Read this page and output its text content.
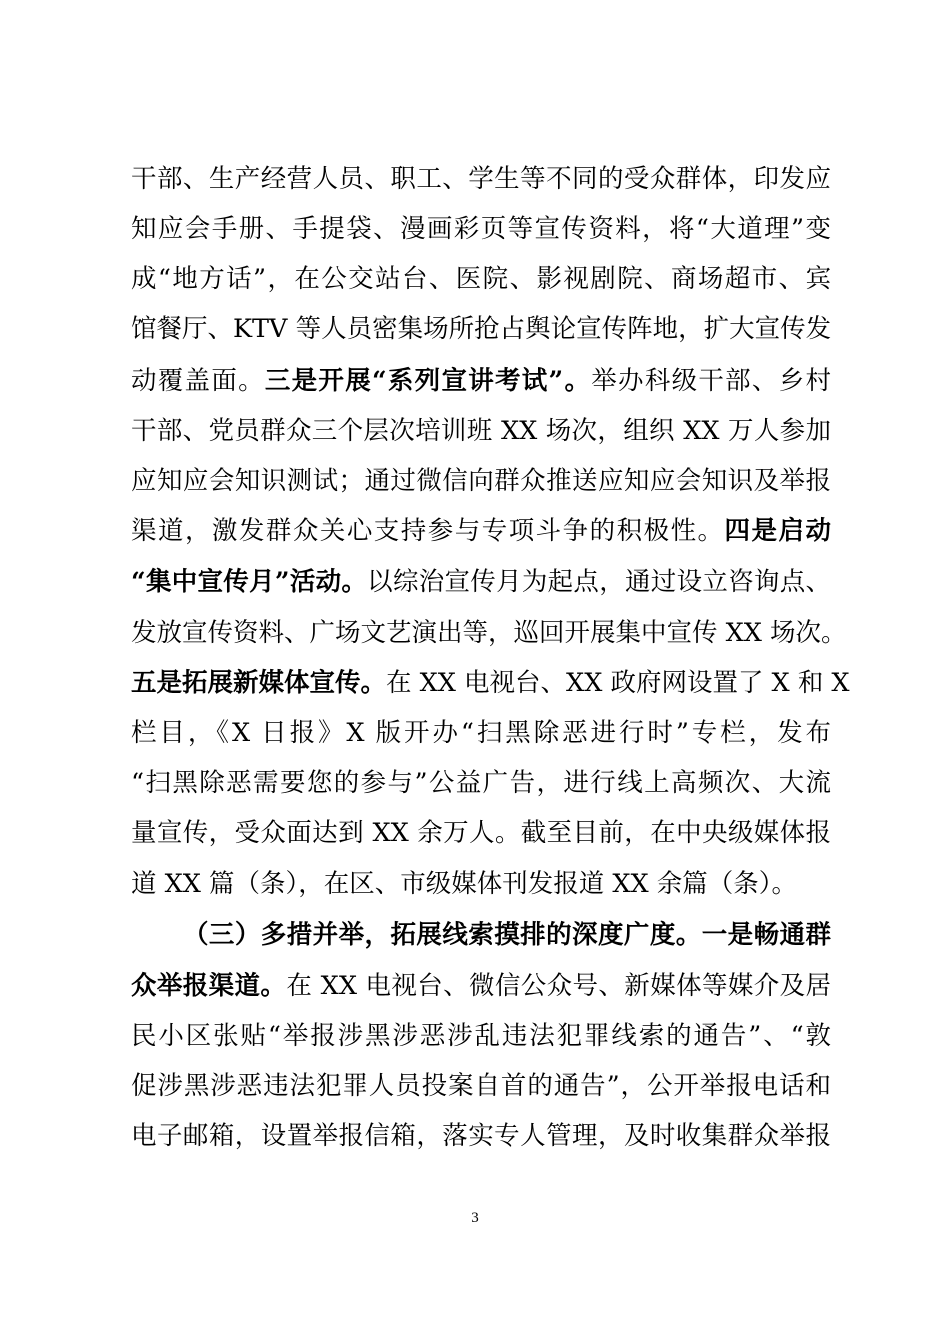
干部、生产经营人员、职工、学生等不同的受众群体，印发应
知应会手册、手提袋、漫画彩页等宣传资料，将“大道理”变
成“地方话”，在公交站台、医院、影视剧院、商场超市、宾
馆餐厅、KTV 等人员密集场所抢占舆论宣传阵地，扩大宣传发
动覆盖面。三是开展“系列宣讲考试”。举办科级干部、乡村
干部、党员群众三个层次培训班 XX 场次，组织 XX 万人参加
应知应会知识测试；通过微信向群众推送应知应会知识及举报
渠道，激发群众关心支持参与专项斗争的积极性。四是启动
“集中宣传月”活动。以综治宣传月为起点，通过设立咨询点、
发放宣传资料、广场文艺演出等，巡回开展集中宣传 XX 场次。
五是拓展新媒体宣传。在 XX 电视台、XX 政府网设置了 X 和 X
栏目，《X 日报》X 版开办“扫黑除恶进行时”专栏，发布
“扫黑除恶需要您的参与”公益广告，进行线上高频次、大流
量宣传，受众面达到 XX 余万人。截至目前，在中央级媒体报
道 XX 篇（条），在区、市级媒体刊发报道 XX 余篇（条）。
（三）多措并举，拓展线索摸排的深度广度。一是畅通群
众举报渠道。在 XX 电视台、微信公众号、新媒体等媒介及居
民小区张贴“举报涉黑涉恶涉乱违法犯罪线索的通告”、“敦
促涉黑涉恶违法犯罪人员投案自首的通告”，公开举报电话和
电子邮箱，设置举报信箱，落实专人管理，及时收集群众举报
3
